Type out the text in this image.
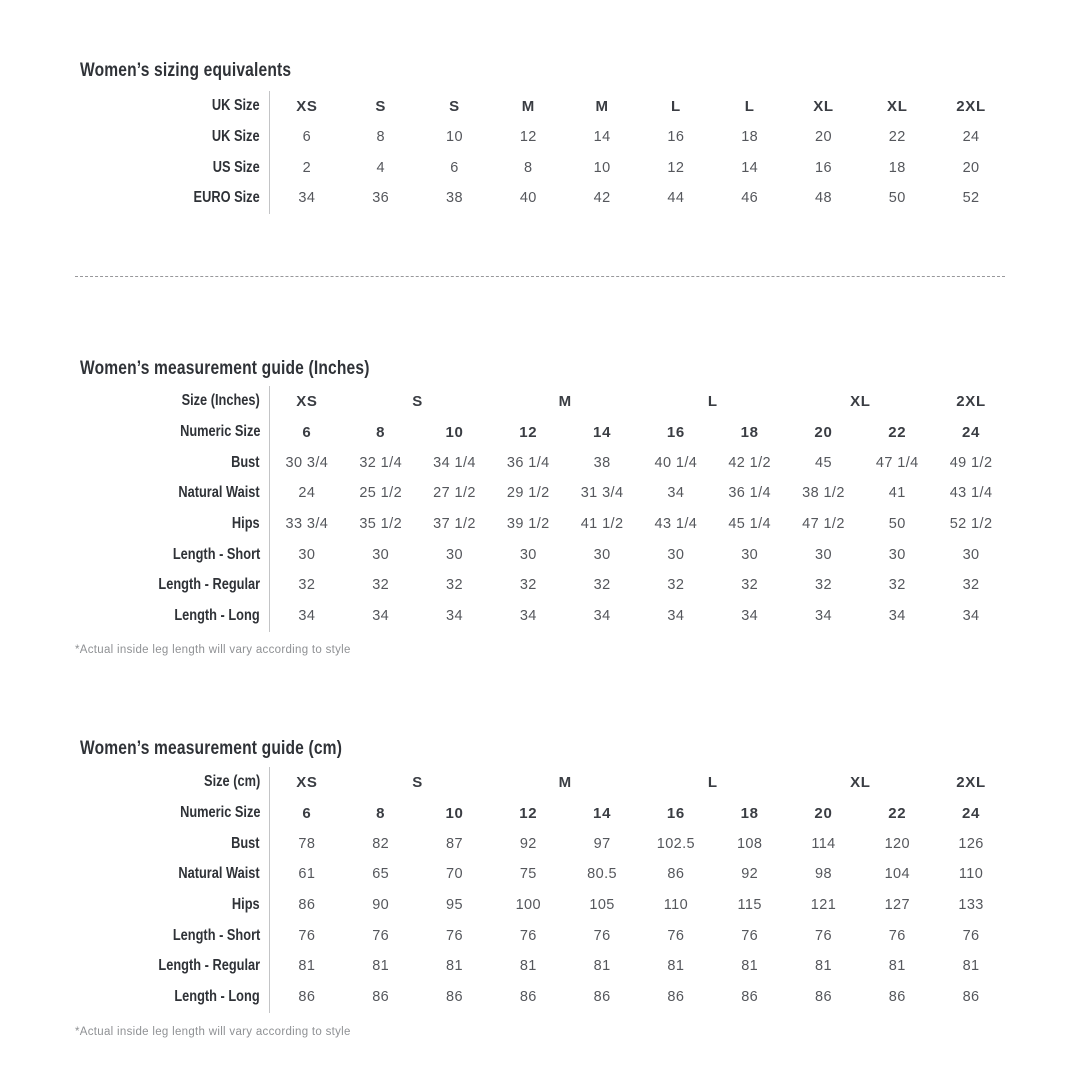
Women’s sizing equivalents
UK Size	XS	S	S	M	M	L	L	XL	XL	2XL
UK Size	6	8	10	12	14	16	18	20	22	24
US Size	2	4	6	8	10	12	14	16	18	20
EURO Size	34	36	38	40	42	44	46	48	50	52
Women’s measurement guide (Inches)
Size (Inches)	XS	S	M	L	XL	2XL
Numeric Size	6	8	10	12	14	16	18	20	22	24
Bust	30 3/4	32 1/4	34 1/4	36 1/4	38	40 1/4	42 1/2	45	47 1/4	49 1/2
Natural Waist	24	25 1/2	27 1/2	29 1/2	31 3/4	34	36 1/4	38 1/2	41	43 1/4
Hips	33 3/4	35 1/2	37 1/2	39 1/2	41 1/2	43 1/4	45 1/4	47 1/2	50	52 1/2
Length - Short	30	30	30	30	30	30	30	30	30	30
Length - Regular	32	32	32	32	32	32	32	32	32	32
Length - Long	34	34	34	34	34	34	34	34	34	34
*Actual inside leg length will vary according to style
Women’s measurement guide (cm)
Size (cm)	XS	S	M	L	XL	2XL
Numeric Size	6	8	10	12	14	16	18	20	22	24
Bust	78	82	87	92	97	102.5	108	114	120	126
Natural Waist	61	65	70	75	80.5	86	92	98	104	110
Hips	86	90	95	100	105	110	115	121	127	133
Length - Short	76	76	76	76	76	76	76	76	76	76
Length - Regular	81	81	81	81	81	81	81	81	81	81
Length - Long	86	86	86	86	86	86	86	86	86	86
*Actual inside leg length will vary according to style
